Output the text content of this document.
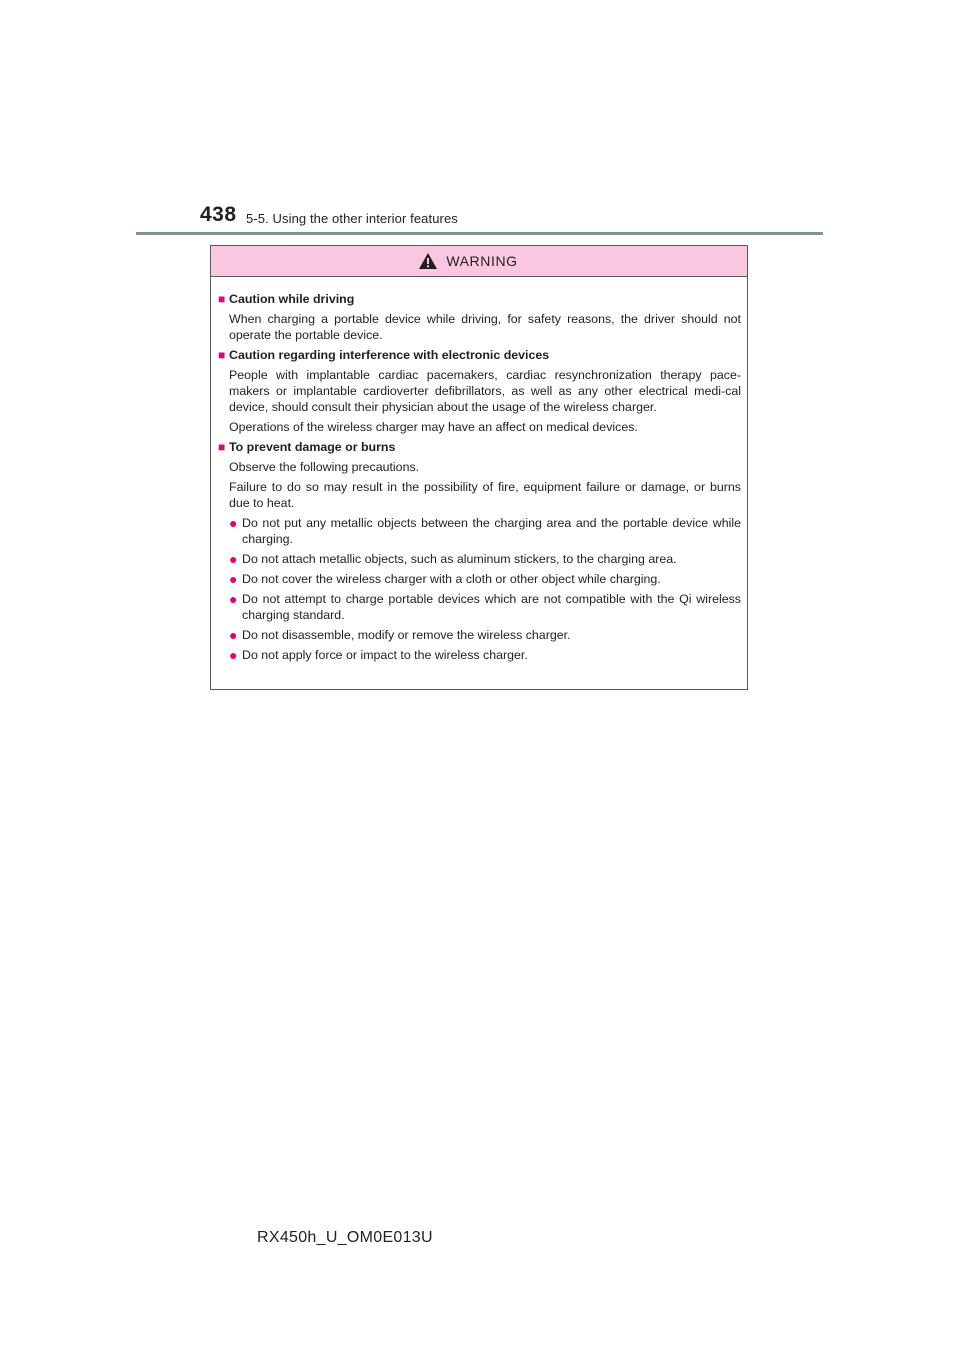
438 5-5. Using the other interior features
WARNING
■ Caution while driving
When charging a portable device while driving, for safety reasons, the driver should not operate the portable device.
■ Caution regarding interference with electronic devices
People with implantable cardiac pacemakers, cardiac resynchronization therapy pace-makers or implantable cardioverter defibrillators, as well as any other electrical medi-cal device, should consult their physician about the usage of the wireless charger.
Operations of the wireless charger may have an affect on medical devices.
■ To prevent damage or burns
Observe the following precautions.
Failure to do so may result in the possibility of fire, equipment failure or damage, or burns due to heat.
● Do not put any metallic objects between the charging area and the portable device while charging.
● Do not attach metallic objects, such as aluminum stickers, to the charging area.
● Do not cover the wireless charger with a cloth or other object while charging.
● Do not attempt to charge portable devices which are not compatible with the Qi wireless charging standard.
● Do not disassemble, modify or remove the wireless charger.
● Do not apply force or impact to the wireless charger.
RX450h_U_OM0E013U
